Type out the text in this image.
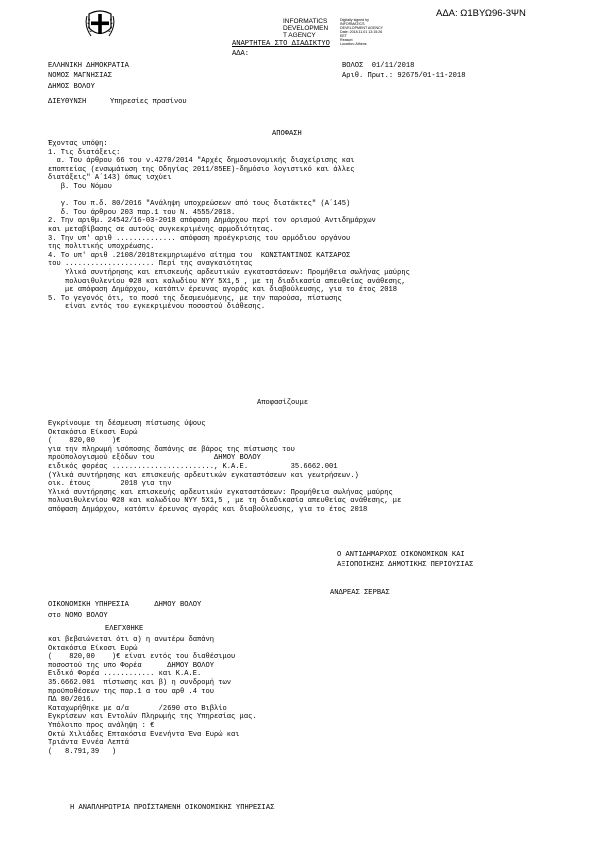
ΑΔΑ: Ω1ΒΥΩ96-3ΨΝ
INFORMATICS
DEVELOPMEN
T AGENCY
Digitally signed by
INFORMATICS
DEVELOPMENT AGENCY
Date: 2018.11.01 13:15:26
EET
Reason:
Location: Athens
ΑΝΑΡΤΗΤΕΑ ΣΤΟ ΔΙΑΔΙΚΤΥΟ
ΑΔΑ:
ΕΛΛΗΝΙΚΗ ΔΗΜΟΚΡΑΤΙΑ
ΝΟΜΟΣ ΜΑΓΝΗΣΙΑΣ
ΔΗΜΟΣ ΒΟΛΟΥ
ΔΙΕΥΘΥΝΣΗ	Υπηρεσίες πρασίνου
ΒΟΛΟΣ  01/11/2018
Αριθ. Πρωτ.: 92675/01-11-2018
ΑΠΟΦΑΣΗ
Έχοντας υπόψη:
1. Τις διατάξεις:
α. Του άρθρου 66 του ν.4270/2014 "Αρχές δημοσιονομικής διαχείρισης και
εποπτείας (ενσωμάτωση της Οδηγίας 2011/85ΕΕ)-δημόσιο λογιστικό και άλλες
διατάξεις" Α΄143) όπως ισχύει
β. Του Νόμου

γ. Του π.δ. 80/2016 "Ανάληψη υποχρεώσεων από τους διατάκτες" (Α΄145)
δ. Του άρθρου 203 παρ.1 του Ν. 4555/2018.
2. Την αριθμ. 24542/16-03-2018 απόφαση Δημάρχου περί τον ορισμού Αντιδημάρχων
και μεταβίβασης σε αυτούς συγκεκριμένης αρμοδιότητας.
3. Την υπ' αριθ .............. απόφαση προέγκρισης του αρμόδιου οργάνου
της πολιτικής υποχρέωσης.
4. Το υπ' αριθ .2108/2018τεκμηριωμένο αίτημα του  ΚΩΝΣΤΑΝΤΙΝΟΣ ΚΑΤΣΑΡΟΣ
του ..................... Περί της αναγκαιότητας
Υλικά συντήρησης και επισκευής αρδευτικών εγκαταστάσεων: Προμήθεια σωλήνας μαύρης
πολυαιθυλενίου Φ28 και καλωδίου ΝΥΥ 5Χ1,5 , με τη διαδικασία απευθείας ανάθεσης,
με απόφαση Δημάρχου, κατόπιν έρευνας αγοράς και διαβούλευσης, για το έτος 2018
5. Το γεγονός ότι, το ποσό της δεσμευόμενης, με την παρούσα, πίστωσης
είναι εντός του εγκεκριμένου ποσοστού διάθεσης.
Αποφασίζουμε
Εγκρίνουμε τη δέσμευση πίστωσης ύψους
Οκτακόσια Είκοσι Ευρώ
(    820,00    )€
για την πληρωμή ισόποσης δαπάνης σε βάρος της πίστωσης του
προϋπολογισμού εξόδων του              ΔΗΜΟΥ ΒΟΛΟΥ
ειδικός φορέας ........................, Κ.Α.Ε.          35.6662.001
(Υλικά συντήρησης και επισκευής αρδευτικών εγκαταστάσεων και γεωτρήσεων.)
οικ. έτους       2018 για την
Υλικά συντήρησης και επισκευής αρδευτικών εγκαταστάσεων: Προμήθεια σωλήνας μαύρης
πολυαιθυλενίου Φ28 και καλωδίου ΝΥΥ 5Χ1,5 , με τη διαδικασία απευθείας ανάθεσης, με
απόφαση Δημάρχου, κατόπιν έρευνας αγοράς και διαβούλευσης, για το έτος 2018
Ο ΑΝΤΙΔΗΜΑΡΧΟΣ ΟΙΚΟΝΟΜΙΚΩΝ ΚΑΙ
ΑΞΙΟΠΟΙΗΣΗΣ ΔΗΜΟΤΙΚΗΣ ΠΕΡΙΟΥΣΙΑΣ
ΑΝΔΡΕΑΣ ΣΕΡΒΑΣ
ΟΙΚΟΝΟΜΙΚΗ ΥΠΗΡΕΣΙΑ      ΔΗΜΟΥ ΒΟΛΟΥ
στο ΝΟΜΟ ΒΟΛΟΥ
ΕΛΕΓΧΘΗΚΕ
και βεβαιώνεται ότι α) η ανωτέρω δαπάνη
Οκτακόσια Είκοσι Ευρώ
(    820,00    )€ είναι εντός του διαθέσιμου
ποσοστού της υπο Φορέα      ΔΗΜΟΥ ΒΟΛΟΥ
Ειδικό Φορέα ............ και Κ.Α.Ε.
35.6662.001  πίστωσης και β) η συνδρομή των
προϋποθέσεων της παρ.1 α του αρθ .4 του
ΠΔ 80/2016.
Καταχωρήθηκε με α/α       /2690 στο Βιβλίο
Εγκρίσεων και Εντολών Πληρωμής της Υπηρεσίας μας.
Υπόλοιπο προς ανάληψη : €
Οκτώ Χιλιάδες Επτακόσια Ενενήντα Ένα Ευρώ και
Τριάντα Εννέα Λεπτά
(   8.791,39   )
Η ΑΝΑΠΛΗΡΩΤΡΙΑ ΠΡΟΪΣΤΑΜΕΝΗ ΟΙΚΟΝΟΜΙΚΗΣ ΥΠΗΡΕΣΙΑΣ
